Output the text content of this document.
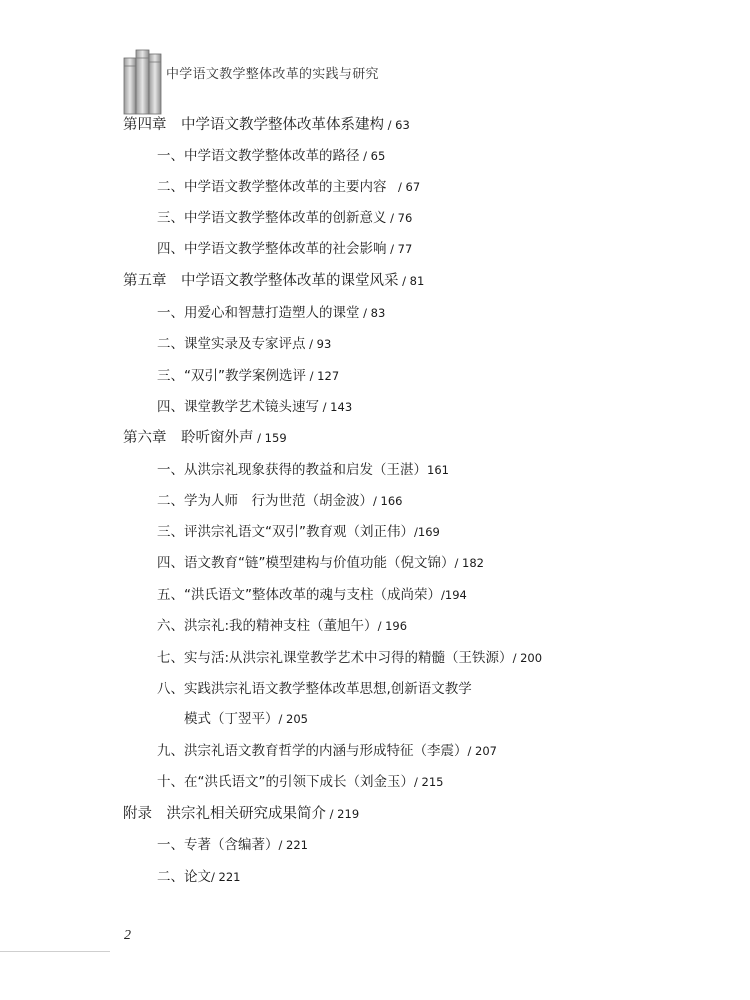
中学语文教学整体改革的实践与研究
第四章　中学语文教学整体改革体系建构 / 63
一、中学语文教学整体改革的路径 / 65
二、中学语文教学整体改革的主要内容　/ 67
三、中学语文教学整体改革的创新意义 / 76
四、中学语文教学整体改革的社会影响 / 77
第五章　中学语文教学整体改革的课堂风采 / 81
一、用爱心和智慧打造塑人的课堂 / 83
二、课堂实录及专家评点 / 93
三、“双引”教学案例选评 / 127
四、课堂教学艺术镜头速写 / 143
第六章　聆听窗外声 / 159
一、从洪宗礼现象获得的教益和启发（王湛）161
二、学为人师　行为世范（胡金波）/ 166
三、评洪宗礼语文“双引”教育观（刘正伟）/169
四、语文教育“链”模型建构与价值功能（倪文锦）/ 182
五、“洪氏语文”整体改革的魂与支柱（成尚荣）/194
六、洪宗礼:我的精神支柱（董旭午）/ 196
七、实与活:从洪宗礼课堂教学艺术中习得的精髓（王铁源）/ 200
八、实践洪宗礼语文教学整体改革思想,创新语文教学
模式（丁翌平）/ 205
九、洪宗礼语文教育哲学的内涵与形成特征（李震）/ 207
十、在“洪氏语文”的引领下成长（刘金玉）/ 215
附录　洪宗礼相关研究成果简介 / 219
一、专著（含编著）/ 221
二、论文/ 221
2
